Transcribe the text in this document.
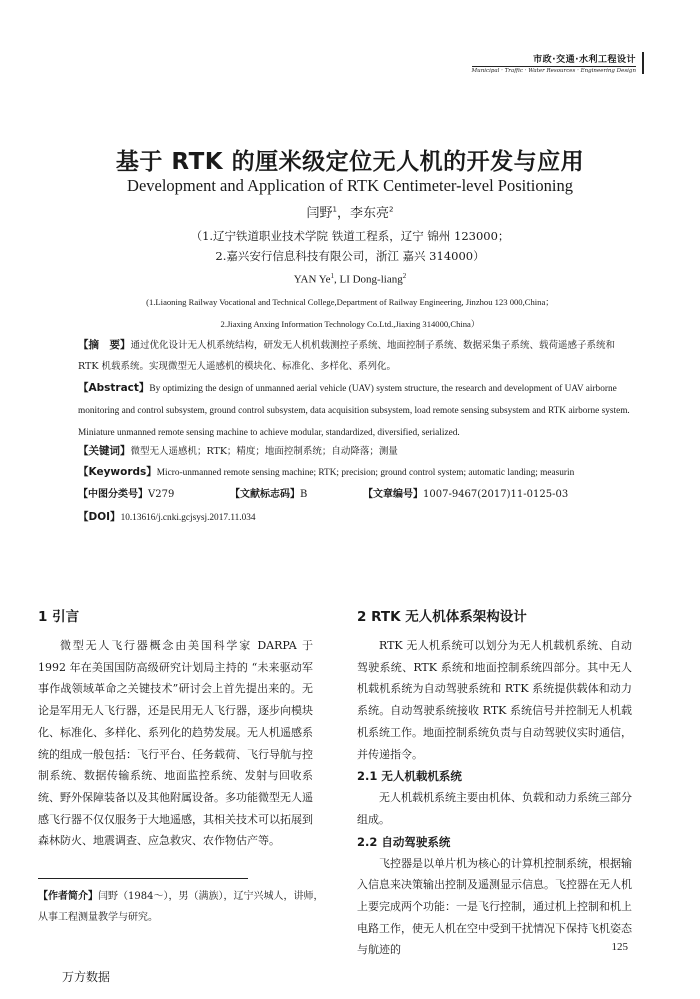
市政·交通·水利工程设计
Municipal · Traffic · Water Resources · Engineering Design
基于 RTK 的厘米级定位无人机的开发与应用
Development and Application of RTK Centimeter-level Positioning
闫野$^1$，李东亮$^2$
（1.辽宁铁道职业技术学院 铁道工程系，辽宁 锦州 123000；
2.嘉兴安行信息科技有限公司，浙江 嘉兴 314000）
YAN Ye$^1$, LI Dong-liang$^2$
(1.Liaoning Railway Vocational and Technical College,Department of Railway Engineering, Jinzhou 123 000,China；
2.Jiaxing Anxing Information Technology Co.Ltd.,Jiaxing 314000,China）
【摘　要】通过优化设计无人机系统结构，研发无人机机载测控子系统、地面控制子系统、数据采集子系统、载荷遥感子系统和 RTK 机载系统。实现微型无人遥感机的模块化、标准化、多样化、系列化。
【Abstract】By optimizing the design of unmanned aerial vehicle (UAV) system structure, the research and development of UAV airborne monitoring and control subsystem, ground control subsystem, data acquisition subsystem, load remote sensing subsystem and RTK airborne system. Miniature unmanned remote sensing machine to achieve modular, standardized, diversified, serialized.
【关键词】微型无人遥感机；RTK；精度；地面控制系统；自动降落；测量
【Keywords】Micro-unmanned remote sensing machine; RTK; precision; ground control system; automatic landing; measurin
【中图分类号】V279	【文献标志码】B	【文章编号】1007-9467(2017)11-0125-03
【DOI】10.13616/j.cnki.gcjsysj.2017.11.034

1 引言

微型无人飞行器概念由美国科学家 DARPA 于 1992 年在美国国防高级研究计划局主持的 “未来驱动军事作战领域革命之关键技术”研讨会上首先提出来的。无论是军用无人飞行器，还是民用无人飞行器，逐步向模块化、标准化、多样化、系列化的趋势发展。无人机遥感系统的组成一般包括：飞行平台、任务载荷、飞行导航与控制系统、数据传输系统、地面监控系统、发射与回收系统、野外保障装备以及其他附属设备。多功能微型无人遥感飞行器不仅仅服务于大地遥感，其相关技术可以拓展到森林防火、地震调查、应急救灾、农作物估产等。

【作者简介】闫野（1984～），男（满族），辽宁兴城人，讲师，从事工程测量教学与研究。

2 RTK 无人机体系架构设计

RTK 无人机系统可以划分为无人机载机系统、自动驾驶系统、RTK 系统和地面控制系统四部分。其中无人机载机系统为自动驾驶系统和 RTK 系统提供载体和动力系统。自动驾驶系统接收 RTK 系统信号并控制无人机载机系统工作。地面控制系统负责与自动驾驶仪实时通信，并传递指令。

2.1 无人机载机系统

无人机载机系统主要由机体、负载和动力系统三部分组成。

2.2 自动驾驶系统

飞控器是以单片机为核心的计算机控制系统，根据输入信息来决策输出控制及遥测显示信息。飞控器在无人机上要完成两个功能：一是飞行控制，通过机上控制和机上电路工作，使无人机在空中受到干扰情况下保持飞机姿态与航迹的	125
万方数据
